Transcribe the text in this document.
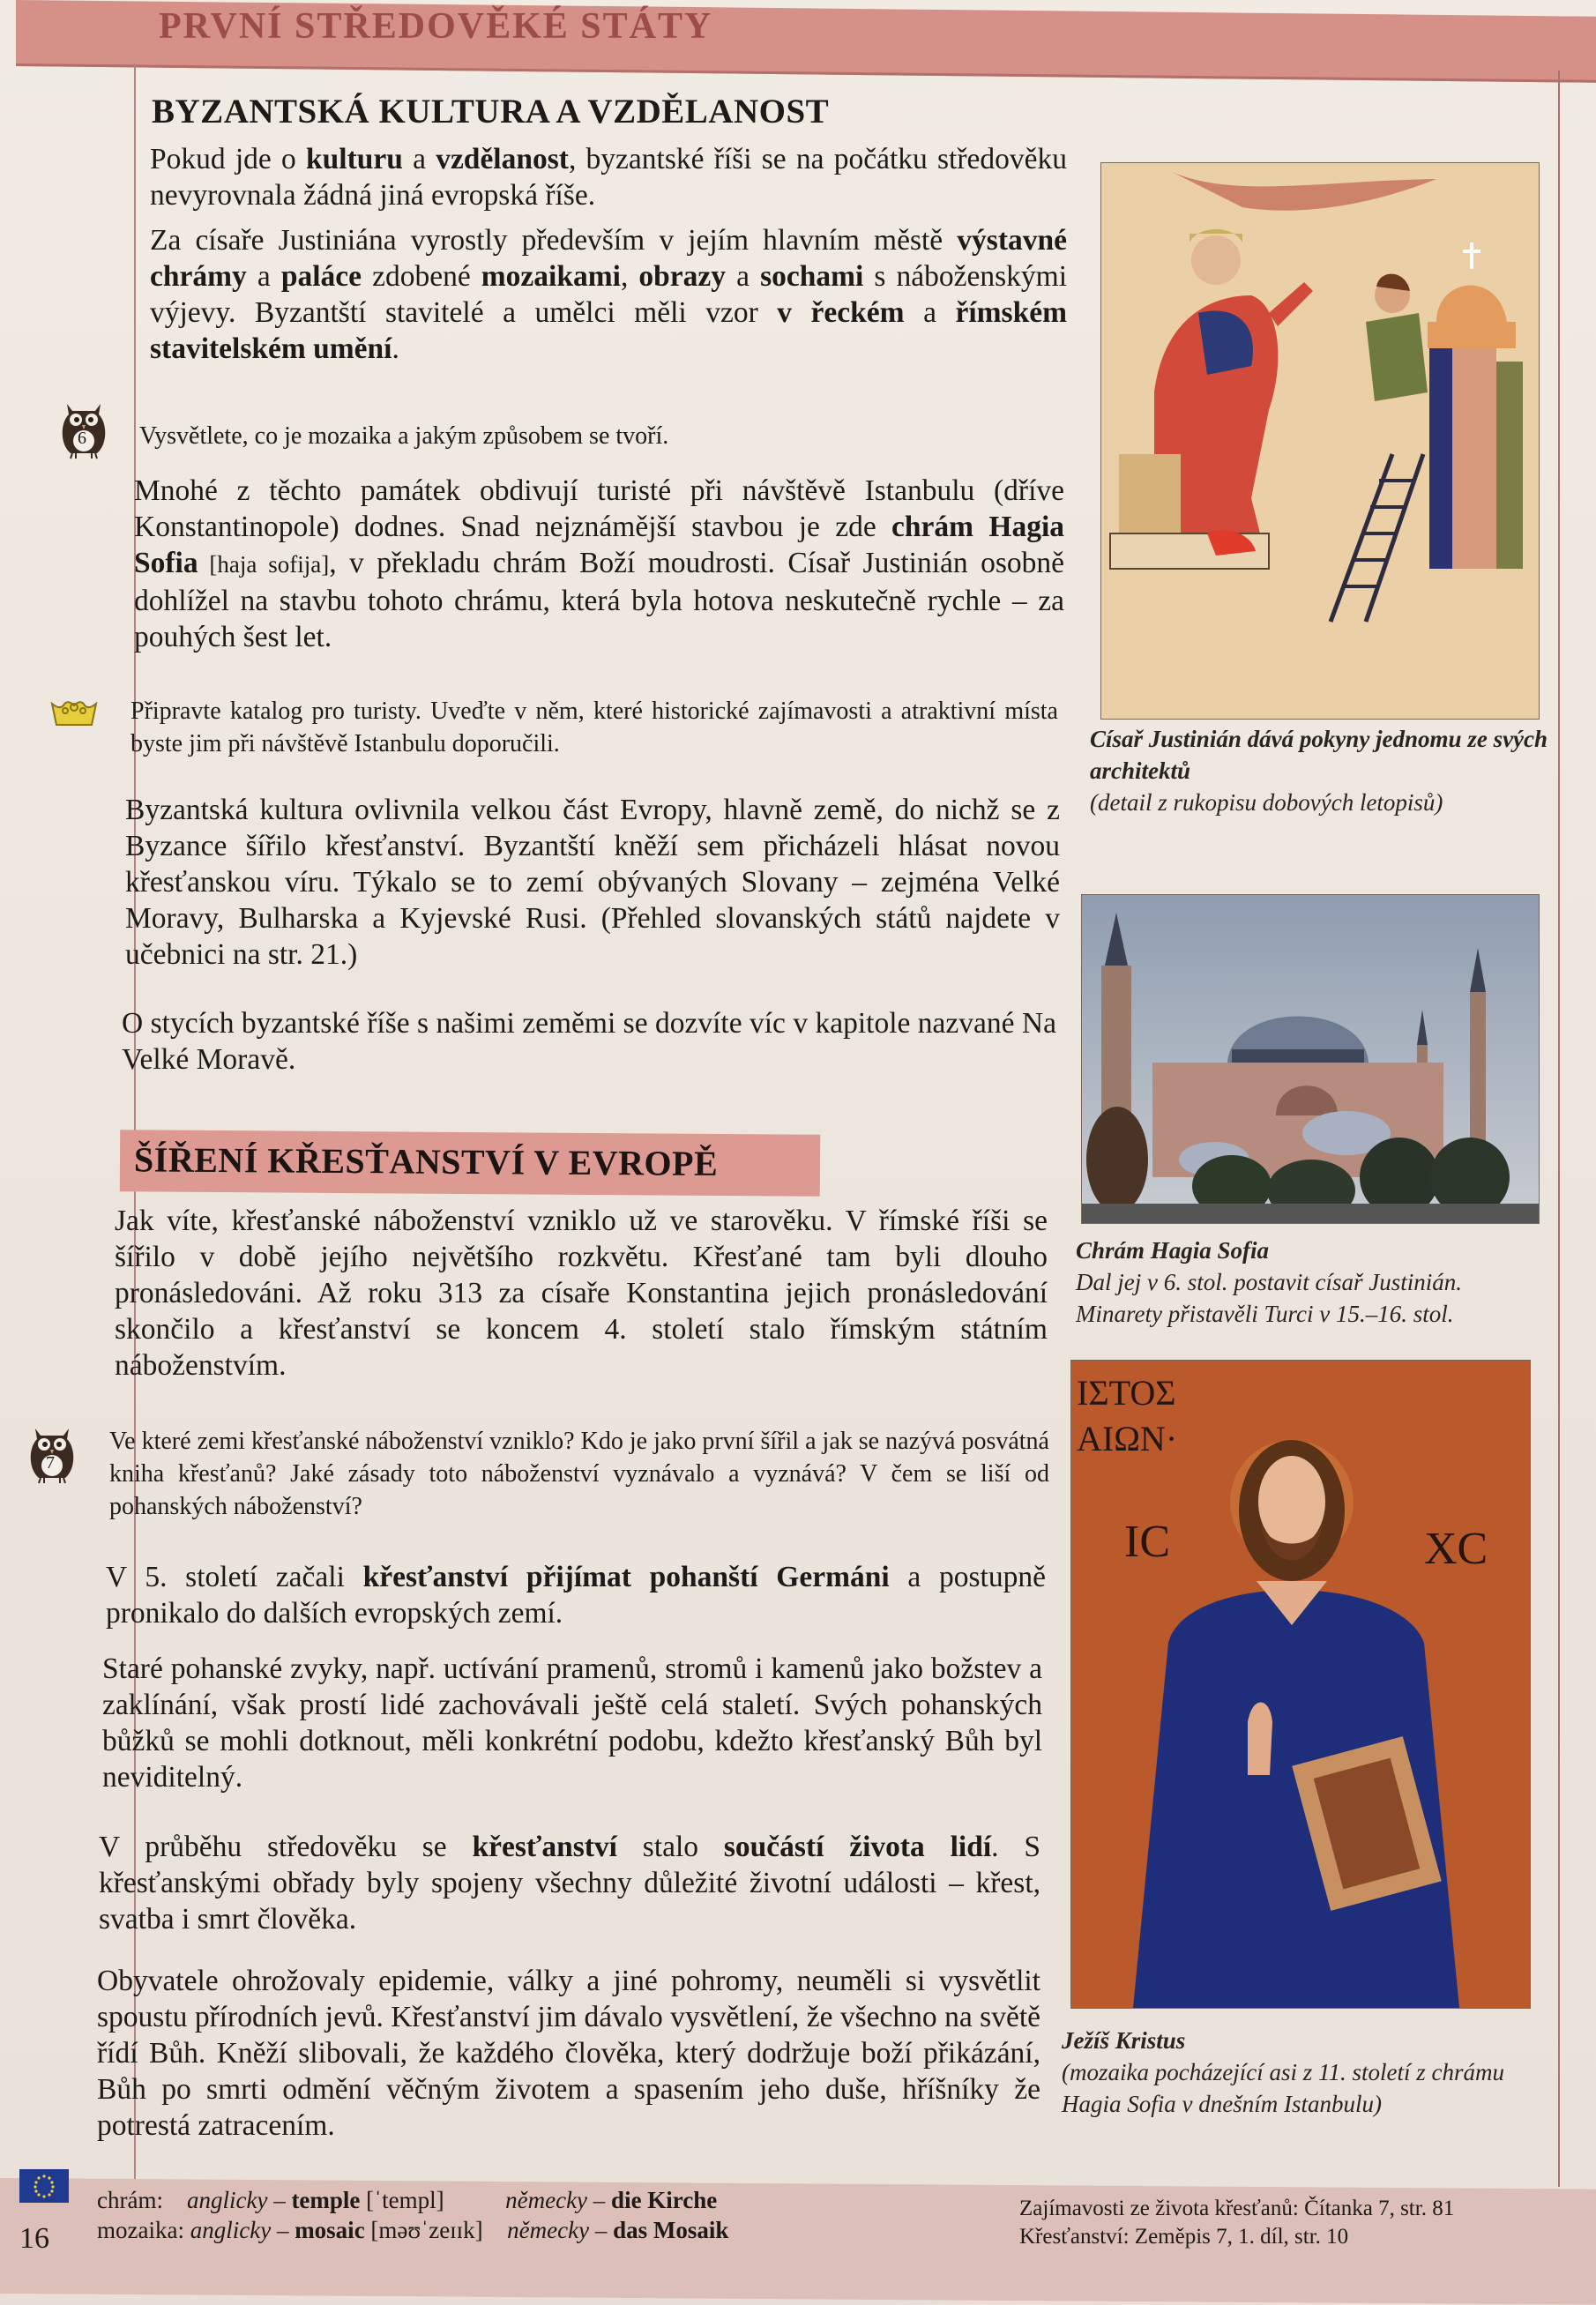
PRVNÍ STŘEDOVĚKÉ STÁTY
BYZANTSKÁ KULTURA A VZDĚLANOST

Pokud jde o kulturu a vzdělanost, byzantské říši se na počátku středověku nevyrovnala žádná jiná evropská říše.

Za císaře Justiniána vyrostly především v jejím hlavním městě výstavné chrámy a paláce zdobené mozaikami, obrazy a sochami s náboženskými výjevy. Byzantští stavitelé a umělci měli vzor v řeckém a římském stavitelském umění.

6 Vysvětlete, co je mozaika a jakým způsobem se tvoří.

Mnohé z těchto památek obdivují turisté při návštěvě Istanbulu (dříve Konstantinopole) dodnes. Snad nejznámější stavbou je zde chrám Hagia Sofia [haja sofija], v překladu chrám Boží moudrosti. Císař Justinián osobně dohlížel na stavbu tohoto chrámu, která byla hotova neskutečně rychle – za pouhých šest let.

Připravte katalog pro turisty. Uveďte v něm, které historické zajímavosti a atraktivní místa byste jim při návštěvě Istanbulu doporučili.

Byzantská kultura ovlivnila velkou část Evropy, hlavně země, do nichž se z Byzance šířilo křesťanství. Byzantští kněží sem přicházeli hlásat novou křesťanskou víru. Týkalo se to zemí obývaných Slovany – zejména Velké Moravy, Bulharska a Kyjevské Rusi. (Přehled slovanských států najdete v učebnici na str. 21.)

O stycích byzantské říše s našimi zeměmi se dozvíte víc v kapitole nazvané Na Velké Moravě.

ŠÍŘENÍ KŘESŤANSTVÍ V EVROPĚ

Jak víte, křesťanské náboženství vzniklo už ve starověku. V římské říši se šířilo v době jejího největšího rozkvětu. Křesťané tam byli dlouho pronásledováni. Až roku 313 za císaře Konstantina jejich pronásledování skončilo a křesťanství se koncem 4. století stalo římským státním náboženstvím.

7

Ve které zemi křesťanské náboženství vzniklo? Kdo je jako první šířil a jak se nazývá posvátná kniha křesťanů? Jaké zásady toto náboženství vyznávalo a vyznává? V čem se liší od pohanských náboženství?

V 5. století začali křesťanství přijímat pohanští Germáni a postupně pronikalo do dalších evropských zemí.

Staré pohanské zvyky, např. uctívání pramenů, stromů i kamenů jako božstev a zaklínání, však prostí lidé zachovávali ještě celá staletí. Svých pohanských bůžků se mohli dotknout, měli konkrétní podobu, kdežto křesťanský Bůh byl neviditelný.

V průběhu středověku se křesťanství stalo součástí života lidí. S křesťanskými obřady byly spojeny všechny důležité životní události – křest, svatba i smrt člověka.

Obyvatele ohrožovaly epidemie, války a jiné pohromy, neuměli si vysvětlit spoustu přírodních jevů. Křesťanství jim dávalo vysvětlení, že všechno na světě řídí Bůh. Kněží slibovali, že každého člověka, který dodržuje boží přikázání, Bůh po smrti odmění věčným životem a spasením jeho duše, hříšníky že potrestá zatracením.

Císař Justinián dává pokyny jednomu ze svých architektů
(detail z rukopisu dobových letopisů)
Chrám Hagia Sofia
Dal jej v 6. stol. postavit císař Justinián. Minarety přistavěli Turci v 15.–16. stol.
ΙΣΤΟΣ
ΑΙΩΝ·
IC	XC
Ježíš Kristus
(mozaika pocházející asi z 11. století z chrámu Hagia Sofia v dnešním Istanbulu)
16
chrám: anglicky – temple [ˈtempl]	německy – die Kirche
mozaika: anglicky – mosaic [məʊˈzeɪɪk] německy – das Mosaik
Zajímavosti ze života křesťanů: Čítanka 7, str. 81
Křesťanství: Zeměpis 7, 1. díl, str. 10
